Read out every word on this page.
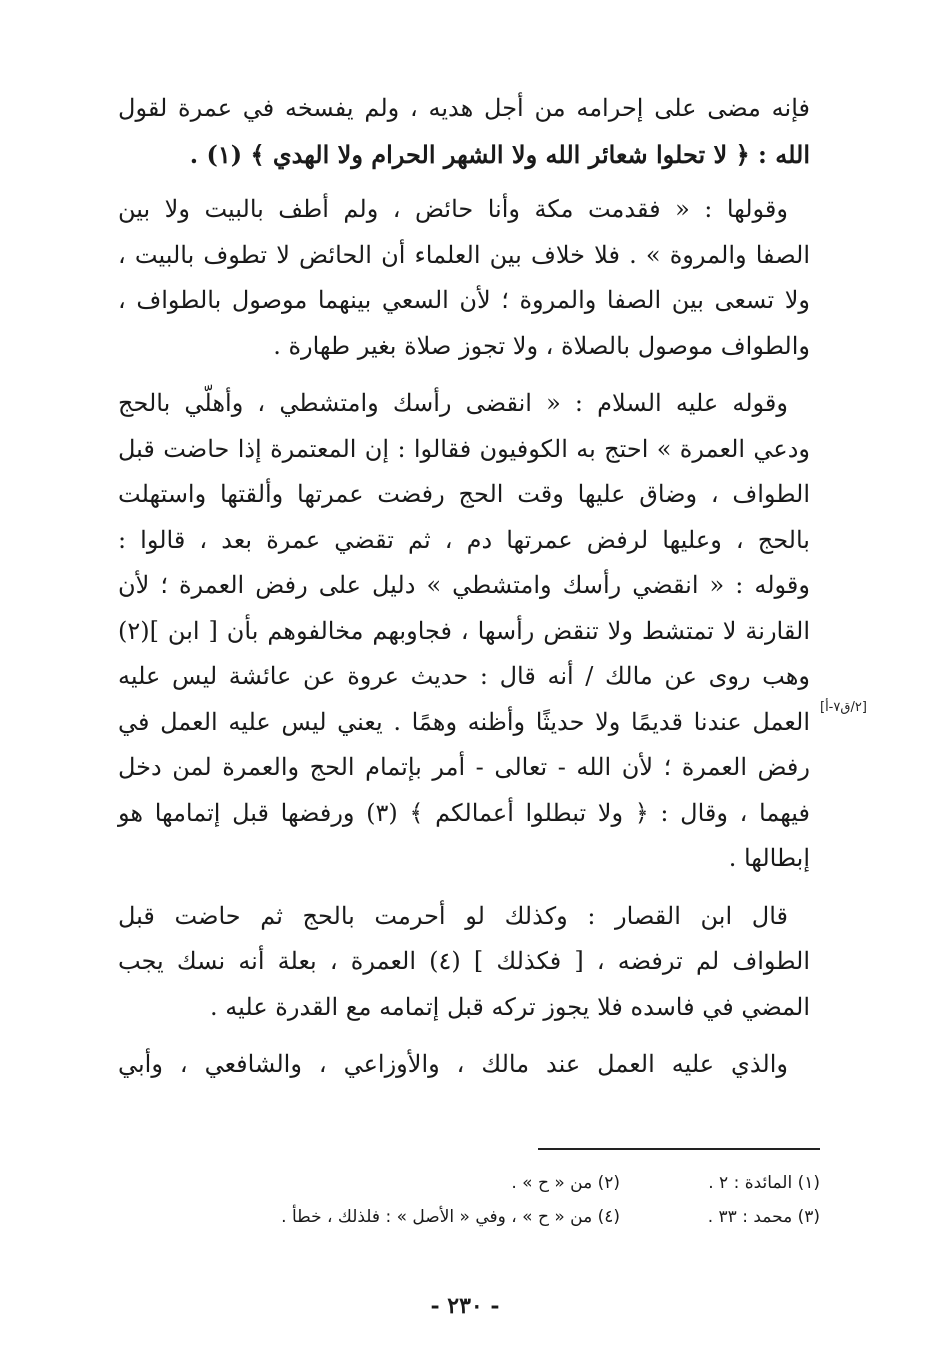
فإنه مضى على إحرامه من أجل هديه ، ولم يفسخه في عمرة لقول
الله : ﴿ لا تحلوا شعائر الله ولا الشهر الحرام ولا الهدي ﴾ (١) .

وقولها : « فقدمت مكة وأنا حائض ، ولم أطف بالبيت ولا بين
الصفا والمروة » . فلا خلاف بين العلماء أن الحائض لا تطوف بالبيت ،
ولا تسعى بين الصفا والمروة ؛ لأن السعي بينهما موصول بالطواف ،
والطواف موصول بالصلاة ، ولا تجوز صلاة بغير طهارة .

وقوله عليه السلام : « انقضى رأسك وامتشطي ، وأهلّي بالحج
ودعي العمرة » احتج به الكوفيون فقالوا : إن المعتمرة إذا حاضت قبل
الطواف ، وضاق عليها وقت الحج رفضت عمرتها وألقتها واستهلت
بالحج ، وعليها لرفض عمرتها دم ، ثم تقضي عمرة بعد ، قالوا :
وقوله : « انقضي رأسك وامتشطي » دليل على رفض العمرة ؛ لأن
القارنة لا تمتشط ولا تنقض رأسها ، فجاوبهم مخالفوهم بأن [ ابن ](٢)
وهب روى عن مالك / أنه قال : حديث عروة عن عائشة ليس عليه
العمل عندنا قديمًا ولا حديثًا وأظنه وهمًا . يعني ليس عليه العمل في
رفض العمرة ؛ لأن الله - تعالى - أمر بإتمام الحج والعمرة لمن دخل
فيهما ، وقال : ﴿ ولا تبطلوا أعمالكم ﴾ (٣) ورفضها قبل إتمامها هو
إبطالها .

قال ابن القصار : وكذلك لو أحرمت بالحج ثم حاضت قبل
الطواف لم ترفضه ، [ فكذلك ] (٤) العمرة ، بعلة أنه نسك يجب
المضي في فاسده فلا يجوز تركه قبل إتمامه مع القدرة عليه .

والذي عليه العمل عند مالك ، والأوزاعي ، والشافعي ، وأبي

[٢/ق٧-أ]
(١) المائدة : ٢ .
(٢) من « ح » .
(٣) محمد : ٣٣ .
(٤) من « ح » ، وفي « الأصل » : فلذلك ، خطأ .
- ٢٣٠ -
